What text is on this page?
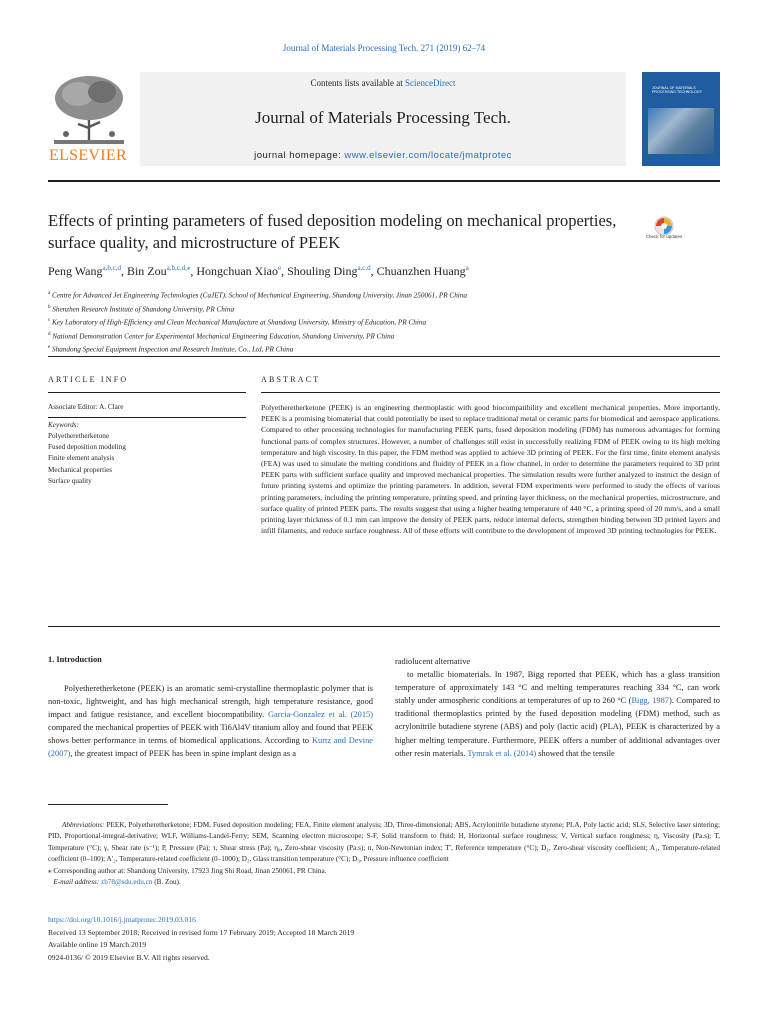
Journal of Materials Processing Tech. 271 (2019) 62–74
ELSEVIER
Contents lists available at ScienceDirect
Journal of Materials Processing Tech.
journal homepage: www.elsevier.com/locate/jmatprotec
JOURNAL OF MATERIALS PROCESSING TECHNOLOGY
Effects of printing parameters of fused deposition modeling on mechanical properties, surface quality, and microstructure of PEEK	Check for updates
Peng Wang$^{a,b,c,d}$, Bin Zou$^{a,b,c,d,⁎}$, Hongchuan Xiao$^e$, Shouling Ding$^{a,c,d}$, Chuanzhen Huang$^a$
$^a$ Centre for Advanced Jet Engineering Technologies (CaJET), School of Mechanical Engineering, Shandong University, Jinan 250061, PR China
$^b$ Shenzhen Research Institute of Shandong University, PR China
$^c$ Key Laboratory of High-Efficiency and Clean Mechanical Manufacture at Shandong University, Ministry of Education, PR China
$^d$ National Demonstration Center for Experimental Mechanical Engineering Education, Shandong University, PR China
$^e$ Shandong Special Equipment Inspection and Research Institute, Co., Ltd, PR China
ARTICLE INFO	ABSTRACT
Associate Editor: A. Clare
Keywords:
Polyetheretherketone
Fused deposition modeling
Finite element analysis
Mechanical properties
Surface quality
Polyetheretherketone (PEEK) is an engineering thermoplastic with good biocompatibility and excellent mechanical properties. More importantly, PEEK is a promising biomaterial that could potentially be used to replace traditional metal or ceramic parts for biomedical and aerospace applications. Compared to other processing technologies for manufacturing PEEK parts, fused deposition modeling (FDM) has numerous advantages for forming functional parts of complex structures. However, a number of challenges still exist in successfully realizing FDM of PEEK owing to its high melting temperature and high viscosity. In this paper, the FDM method was applied to achieve 3D printing of PEEK. For the first time, finite element analysis (FEA) was used to simulate the melting conditions and fluidity of PEEK in a flow channel, in order to determine the parameters required to 3D print PEEK parts with sufficient surface quality and improved mechanical properties. The simulation results were further analyzed to instruct the design of future printing systems and optimize the printing parameters. In addition, several FDM experiments were performed to study the effects of various printing parameters, including the printing temperature, printing speed, and printing layer thickness, on the mechanical properties, microstructure, and surface quality of printed PEEK parts. The results suggest that using a higher heating temperature of 440 °C, a printing speed of 20 mm/s, and a small printing layer thickness of 0.1 mm can improve the density of PEEK parts, reduce internal defects, strengthen binding between 3D printed layers and infill filaments, and reduce surface roughness. All of these efforts will contribute to the development of improved 3D printing technologies for PEEK.
1. Introduction

Polyetheretherketone (PEEK) is an aromatic semi-crystalline thermoplastic polymer that is non-toxic, lightweight, and has high mechanical strength, high temperature resistance, good impact and fatigue resistance, and excellent biocompatibility. Garcia-Gonzalez et al. (2015) compared the mechanical properties of PEEK with Ti6Al4V titanium alloy and found that PEEK shows better performance in terms of biomedical applications. According to Kurtz and Devine (2007), the greatest impact of PEEK has been in spine implant design as a

radiolucent alternative

to metallic biomaterials. In 1987, Bigg reported that PEEK, which has a glass transition temperature of approximately 143 °C and melting temperatures reaching 334 °C, can work stably under atmospheric conditions at temperatures of up to 260 °C (Bigg, 1987). Compared to traditional thermoplastics printed by the fused deposition modeling (FDM) method, such as acrylonitrile butadiene styrene (ABS) and poly (lactic acid) (PLA), PEEK is characterized by a higher melting temperature. Furthermore, PEEK offers a number of additional advantages over other resin materials. Tymrak et al. (2014) showed that the tensile

Abbreviations: PEEK, Polyetheretherketone; FDM, Fused deposition modeling; FEA, Finite element analysis; 3D, Three-dimensional; ABS, Acrylonitrile butadiene styrene; PLA, Poly lactic acid; SLS, Selective laser sintering; PID, Proportional-integral-derivative; WLF, Williams-Landel-Ferry; SEM, Scanning electron microscope; S-F, Solid transform to fluid; H, Horizontal surface roughness; V, Vertical surface roughness; η, Viscosity (Pa.s); T, Temperature (°C); γ, Shear rate (s⁻¹); P, Pressure (Pa); τ, Shear stress (Pa); η₀, Zero-shear viscosity (Pa.s); n, Non-Newtonian index; T′, Reference temperature (°C); D₁, Zero-shear viscosity coefficient; A₁, Temperature-related coefficient (0–100); A′₂, Temperature-related coefficient (0–1000); D₂, Glass transition temperature (°C); D₃, Pressure influence coefficient

⁎ Corresponding author at: Shandong University, 17923 Jing Shi Road, Jinan 250061, PR China.

E-mail address: zb78@sdu.edu.cn (B. Zou).

https://doi.org/10.1016/j.jmatprotec.2019.03.016
Received 13 September 2018; Received in revised form 17 February 2019; Accepted 18 March 2019
Available online 19 March 2019
0924-0136/ © 2019 Elsevier B.V. All rights reserved.
